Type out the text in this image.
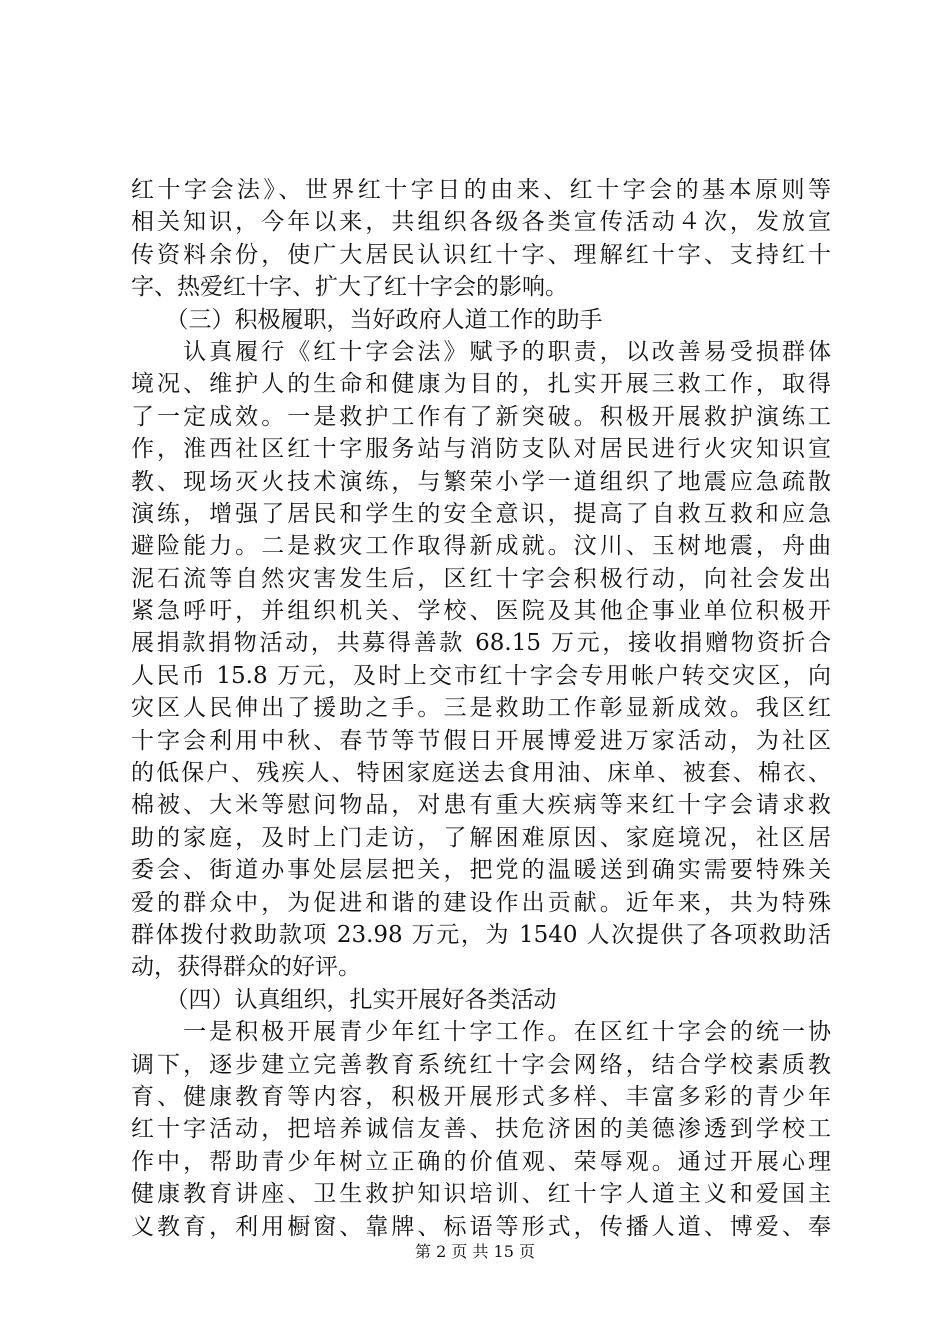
红十字会法》、世界红十字日的由来、红十字会的基本原则等
相关知识，今年以来，共组织各级各类宣传活动４次，发放宣
传资料余份，使广大居民认识红十字、理解红十字、支持红十
字、热爱红十字、扩大了红十字会的影响。
　　（三）积极履职，当好政府人道工作的助手
　　认真履行《红十字会法》赋予的职责，以改善易受损群体
境况、维护人的生命和健康为目的，扎实开展三救工作，取得
了一定成效。一是救护工作有了新突破。积极开展救护演练工
作，淮西社区红十字服务站与消防支队对居民进行火灾知识宣
教、现场灭火技术演练，与繁荣小学一道组织了地震应急疏散
演练，增强了居民和学生的安全意识，提高了自救互救和应急
避险能力。二是救灾工作取得新成就。汶川、玉树地震，舟曲
泥石流等自然灾害发生后，区红十字会积极行动，向社会发出
紧急呼吁，并组织机关、学校、医院及其他企事业单位积极开
展捐款捐物活动，共募得善款 68.15 万元，接收捐赠物资折合
人民币 15.8 万元，及时上交市红十字会专用帐户转交灾区，向
灾区人民伸出了援助之手。三是救助工作彰显新成效。我区红
十字会利用中秋、春节等节假日开展博爱进万家活动，为社区
的低保户、残疾人、特困家庭送去食用油、床单、被套、棉衣、
棉被、大米等慰问物品，对患有重大疾病等来红十字会请求救
助的家庭，及时上门走访，了解困难原因、家庭境况，社区居
委会、街道办事处层层把关，把党的温暖送到确实需要特殊关
爱的群众中，为促进和谐的建设作出贡献。近年来，共为特殊
群体拨付救助款项 23.98 万元，为 1540 人次提供了各项救助活
动，获得群众的好评。
　　（四）认真组织，扎实开展好各类活动
　　一是积极开展青少年红十字工作。在区红十字会的统一协
调下，逐步建立完善教育系统红十字会网络，结合学校素质教
育、健康教育等内容，积极开展形式多样、丰富多彩的青少年
红十字活动，把培养诚信友善、扶危济困的美德渗透到学校工
作中，帮助青少年树立正确的价值观、荣辱观。通过开展心理
健康教育讲座、卫生救护知识培训、红十字人道主义和爱国主
义教育，利用橱窗、靠牌、标语等形式，传播人道、博爱、奉
第 2 页 共 15 页
